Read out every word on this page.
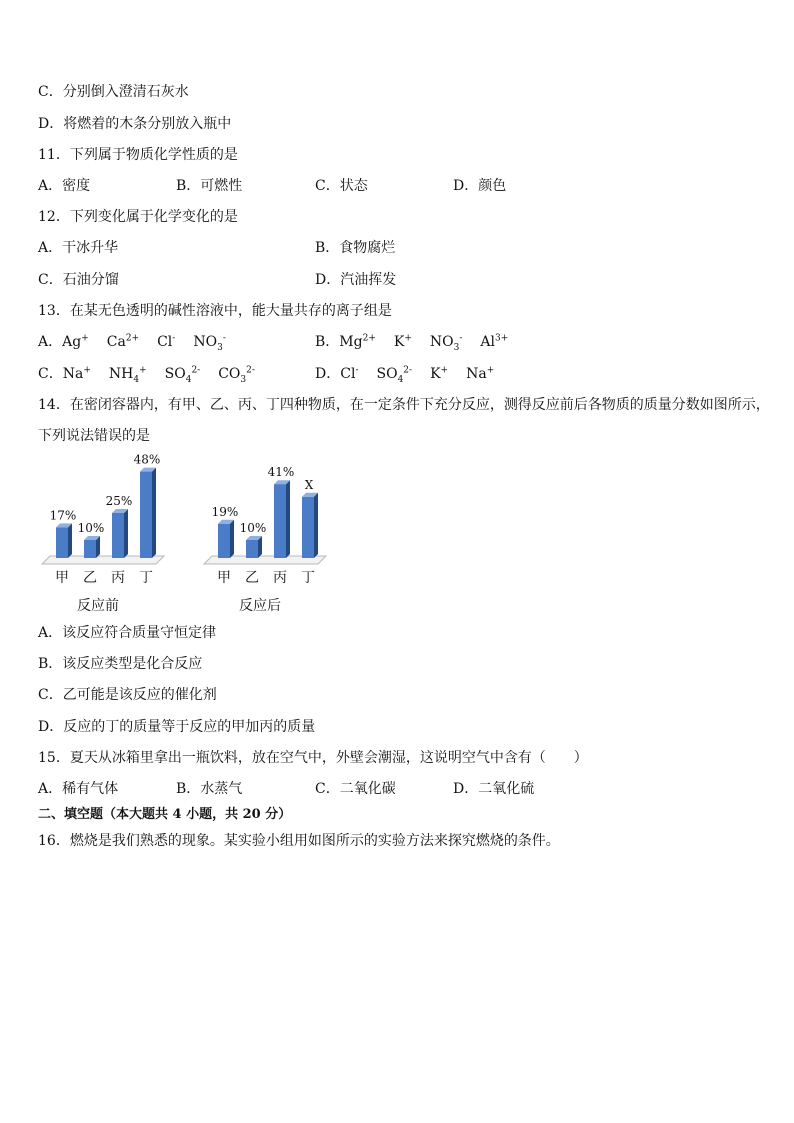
C．分别倒入澄清石灰水
D．将燃着的木条分别放入瓶中
11．下列属于物质化学性质的是
A．密度	B．可燃性	C．状态	D．颜色
12．下列变化属于化学变化的是
A．干冰升华	B．食物腐烂
C．石油分馏	D．汽油挥发
13．在某无色透明的碱性溶液中，能大量共存的离子组是
A．Ag+ $Ca^{2+}$ Cl- $NO_3^-$	B．$Mg^{2+}$ K+ $NO_3^-$ $Al^{3+}$
C．Na+ $NH_4^+$ $SO_4^{2-}$ $CO_3^{2-}$	D．Cl- $SO_4^{2-}$ K+ Na+
14．在密闭容器内，有甲、乙、丙、丁四种物质，在一定条件下充分反应，测得反应前后各物质的质量分数如图所示，
下列说法错误的是
17%
甲
10%
乙
25%
丙
48%
丁
反应前
19%
甲
10%
乙
41%
丙
X
丁
反应后
A．该反应符合质量守恒定律
B．该反应类型是化合反应
C．乙可能是该反应的催化剂
D．反应的丁的质量等于反应的甲加丙的质量
15．夏天从冰箱里拿出一瓶饮料，放在空气中，外壁会潮湿，这说明空气中含有（　　）
A．稀有气体	B．水蒸气	C．二氧化碳	D．二氧化硫
二、填空题（本大题共 4 小题，共 20 分）
16．燃烧是我们熟悉的现象。某实验小组用如图所示的实验方法来探究燃烧的条件。
